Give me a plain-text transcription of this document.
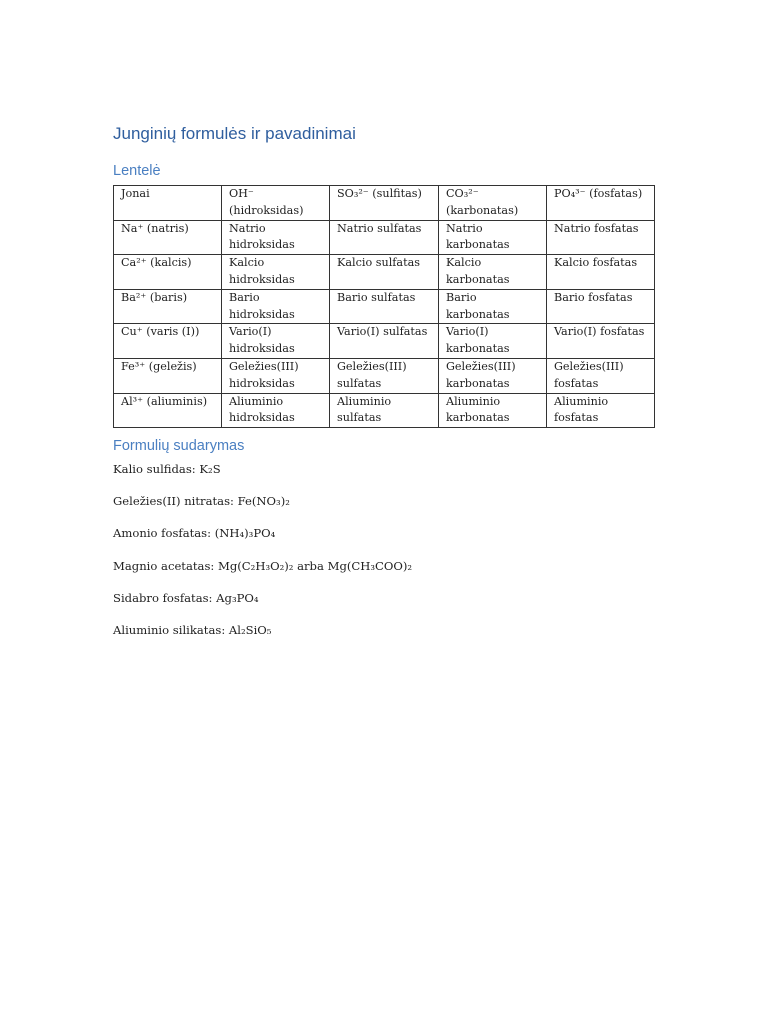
Junginių formulės ir pavadinimai
Lentelė
Jonai	OH⁻ (hidroksidas)	SO₃²⁻ (sulfitas)	CO₃²⁻ (karbonatas)	PO₄³⁻ (fosfatas)
Na⁺ (natris)	Natrio hidroksidas	Natrio sulfatas	Natrio karbonatas	Natrio fosfatas
Ca²⁺ (kalcis)	Kalcio hidroksidas	Kalcio sulfatas	Kalcio karbonatas	Kalcio fosfatas
Ba²⁺ (baris)	Bario hidroksidas	Bario sulfatas	Bario karbonatas	Bario fosfatas
Cu⁺ (varis (I))	Vario(I) hidroksidas	Vario(I) sulfatas	Vario(I) karbonatas	Vario(I) fosfatas
Fe³⁺ (geležis)	Geležies(III) hidroksidas	Geležies(III) sulfatas	Geležies(III) karbonatas	Geležies(III) fosfatas
Al³⁺ (aliuminis)	Aliuminio hidroksidas	Aliuminio sulfatas	Aliuminio karbonatas	Aliuminio fosfatas
Formulių sudarymas
Kalio sulfidas: K₂S
Geležies(II) nitratas: Fe(NO₃)₂
Amonio fosfatas: (NH₄)₃PO₄
Magnio acetatas: Mg(C₂H₃O₂)₂ arba Mg(CH₃COO)₂
Sidabro fosfatas: Ag₃PO₄
Aliuminio silikatas: Al₂SiO₅
